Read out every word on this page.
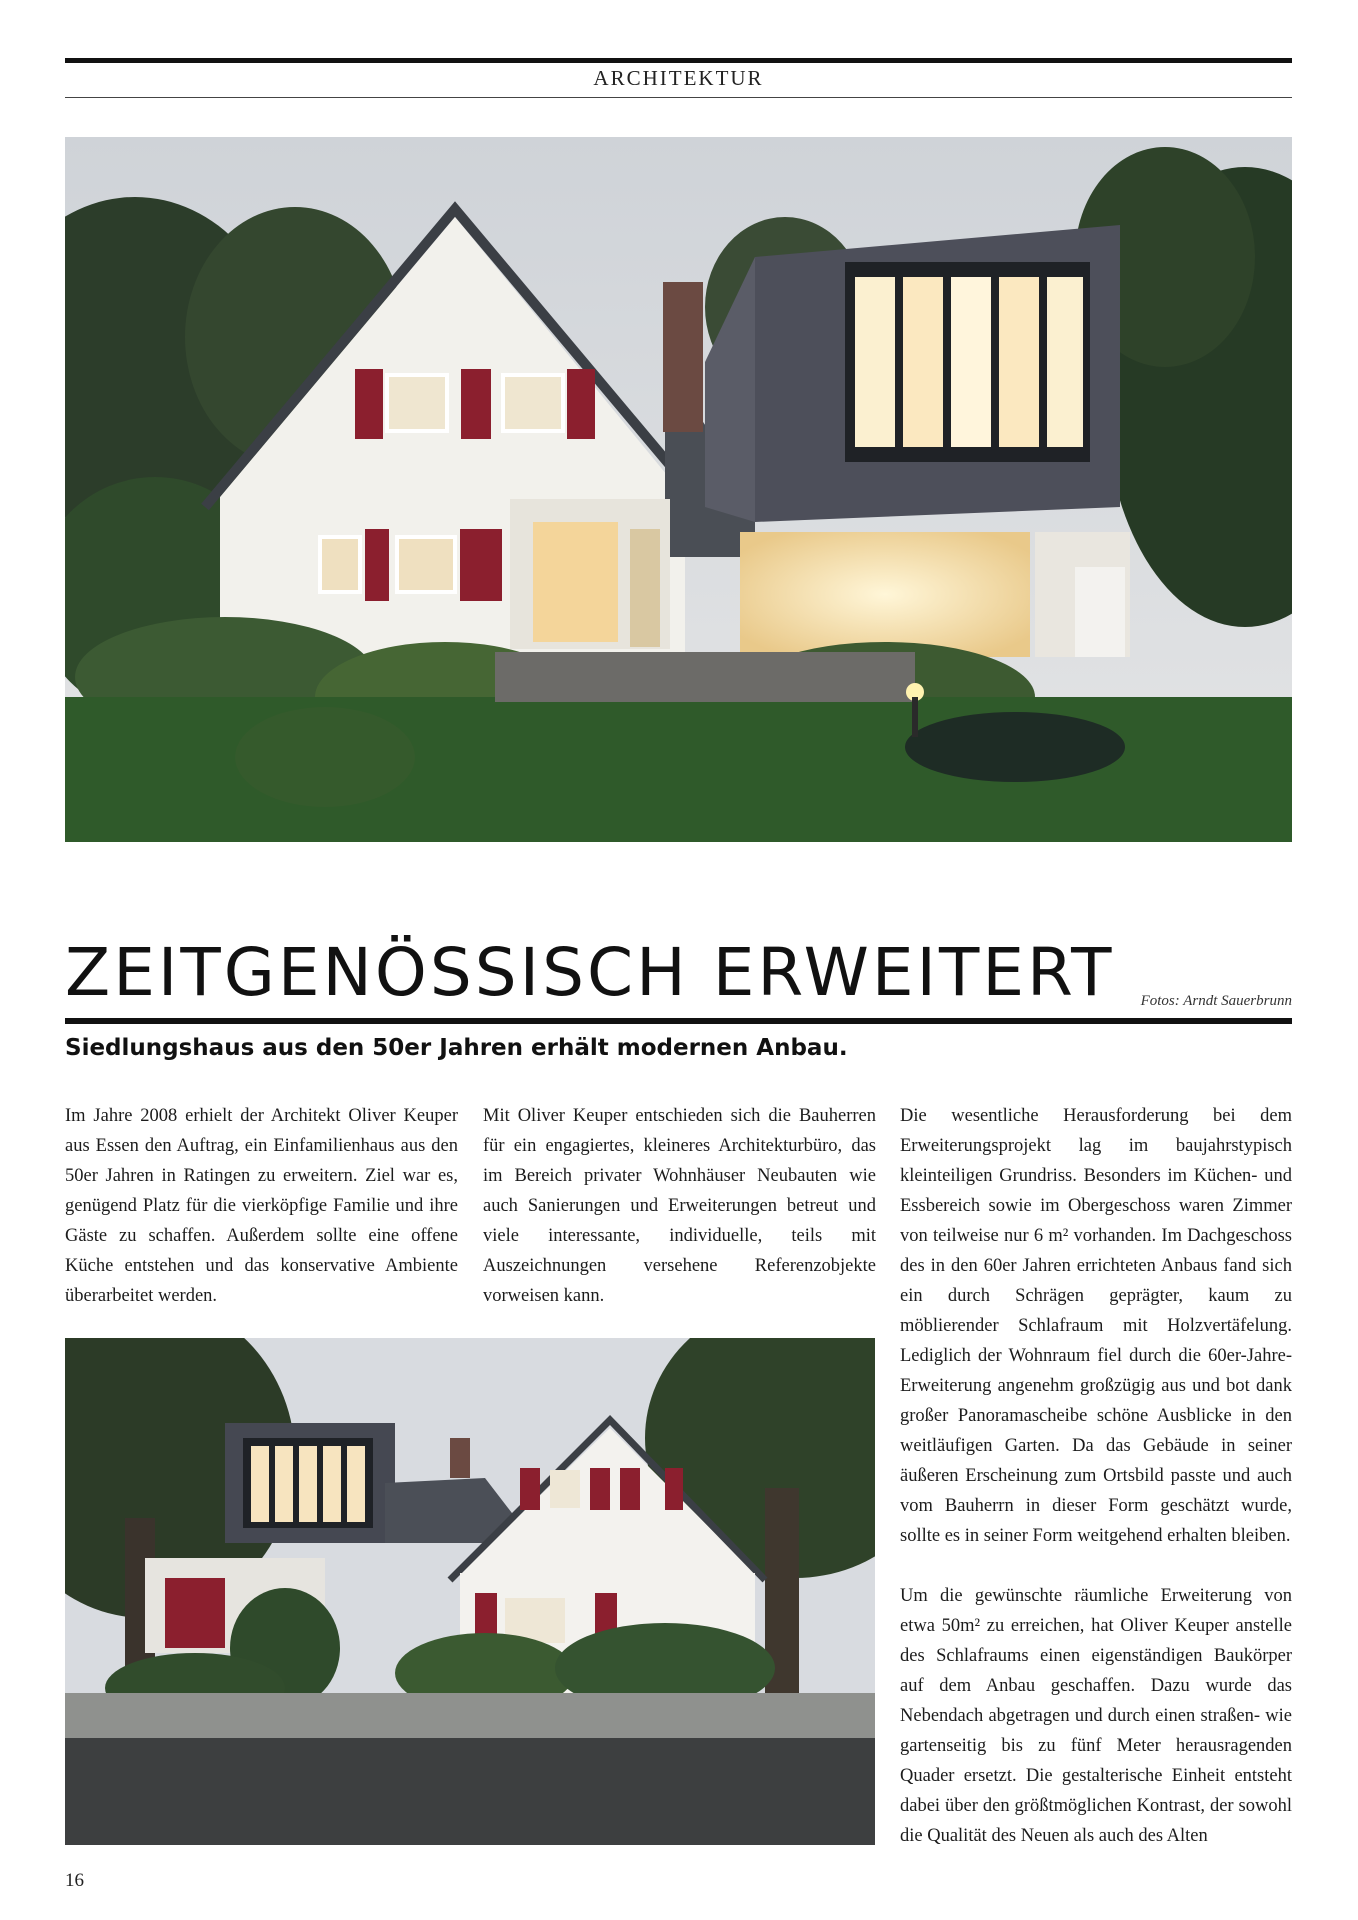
ARCHITEKTUR
ZEITGENÖSSISCH ERWEITERT Fotos: Arndt Sauerbrunn
Siedlungshaus aus den 50er Jahren erhält modernen Anbau.

Im Jahre 2008 erhielt der Architekt Oliver Keuper aus Essen den Auftrag, ein Einfamilienhaus aus den 50er Jahren in Ratingen zu erweitern. Ziel war es, genügend Platz für die vierköpfige Familie und ihre Gäste zu schaffen. Außerdem sollte eine offene Küche entstehen und das konservative Ambiente überarbeitet werden.

Mit Oliver Keuper entschieden sich die Bauherren für ein engagiertes, kleineres Architekturbüro, das im Bereich privater Wohnhäuser Neubauten wie auch Sanierungen und Erweiterungen betreut und viele interessante, individuelle, teils mit Auszeichnungen versehene Referenzobjekte vorweisen kann.

Die wesentliche Herausforderung bei dem Erweiterungsprojekt lag im baujahrstypisch kleinteiligen Grundriss. Besonders im Küchen- und Essbereich sowie im Obergeschoss waren Zimmer von teilweise nur 6 m² vorhanden. Im Dachgeschoss des in den 60er Jahren errichteten Anbaus fand sich ein durch Schrägen geprägter, kaum zu möblierender Schlafraum mit Holzvertäfelung. Lediglich der Wohnraum fiel durch die 60er-Jahre- Erweiterung angenehm großzügig aus und bot dank großer Panoramascheibe schöne Ausblicke in den weitläufigen Garten. Da das Gebäude in seiner äußeren Erscheinung zum Ortsbild passte und auch vom Bauherrn in dieser Form geschätzt wurde, sollte es in seiner Form weitgehend erhalten bleiben.

Um die gewünschte räumliche Erweiterung von etwa 50m² zu erreichen, hat Oliver Keuper anstelle des Schlafraums einen eigenständigen Baukörper auf dem Anbau geschaffen. Dazu wurde das Nebendach abgetragen und durch einen straßen- wie gartenseitig bis zu fünf Meter herausragenden Quader ersetzt. Die gestalterische Einheit entsteht dabei über den größtmöglichen Kontrast, der sowohl die Qualität des Neuen als auch des Alten

16
